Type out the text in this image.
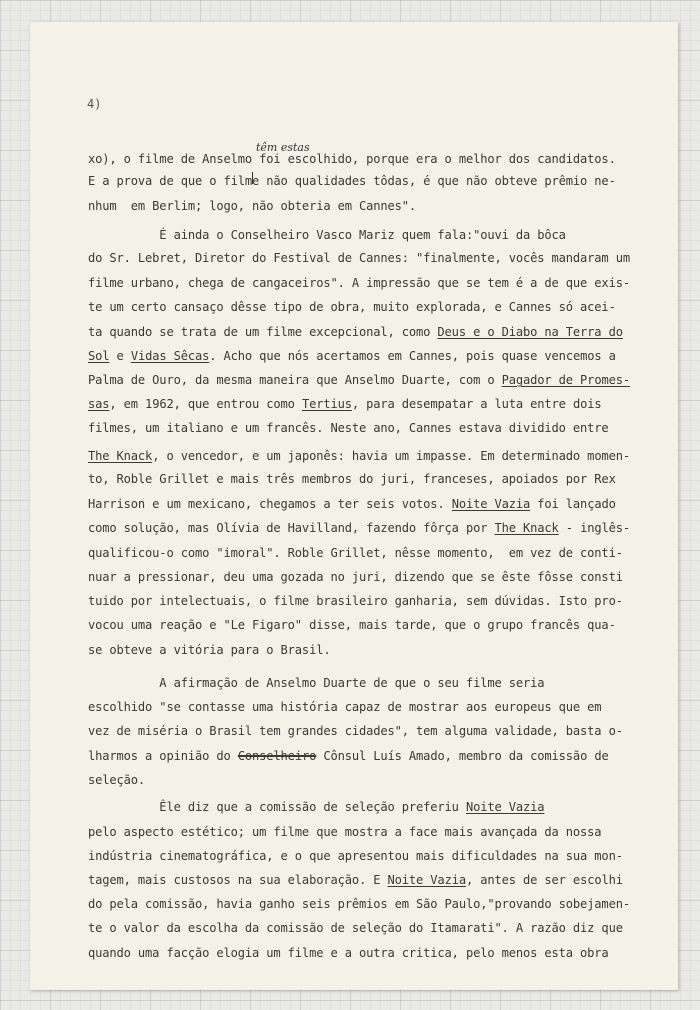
4)
têm estas
xo), o filme de Anselmo foi escolhido, porque era o melhor dos candidatos.
E a prova de que o filme não qualidades tôdas, é que não obteve prêmio ne-
nhum  em Berlim; logo, não obteria em Cannes".
É ainda o Conselheiro Vasco Mariz quem fala:"ouvi da bôca
do Sr. Lebret, Diretor do Festival de Cannes: "finalmente, vocês mandaram um
filme urbano, chega de cangaceiros". A impressão que se tem é a de que exis-
te um certo cansaço dêsse tipo de obra, muito explorada, e Cannes só acei-
ta quando se trata de um filme excepcional, como Deus e o Diabo na Terra do
Sol e Vidas Sêcas. Acho que nós acertamos em Cannes, pois quase vencemos a
Palma de Ouro, da mesma maneira que Anselmo Duarte, com o Pagador de Promes-
sas, em 1962, que entrou como Tertius, para desempatar a luta entre dois
filmes, um italiano e um francês. Neste ano, Cannes estava dividido entre
The Knack, o vencedor, e um japonês: havia um impasse. Em determinado momen-
to, Roble Grillet e mais três membros do juri, franceses, apoiados por Rex
Harrison e um mexicano, chegamos a ter seis votos. Noite Vazia foi lançado
como solução, mas Olívia de Havilland, fazendo fôrça por The Knack - inglês-
qualificou-o como "imoral". Roble Grillet, nêsse momento,  em vez de conti-
nuar a pressionar, deu uma gozada no juri, dizendo que se êste fôsse consti
tuido por intelectuais, o filme brasileiro ganharia, sem dúvidas. Isto pro-
vocou uma reação e "Le Figaro" disse, mais tarde, que o grupo francês qua-
se obteve a vitória para o Brasil.
A afirmação de Anselmo Duarte de que o seu filme seria
escolhido "se contasse uma história capaz de mostrar aos europeus que em
vez de miséria o Brasil tem grandes cidades", tem alguma validade, basta o-
lharmos a opinião do Conselheiro Cônsul Luís Amado, membro da comissão de
seleção.
Êle diz que a comissão de seleção preferiu Noite Vazia
pelo aspecto estético; um filme que mostra a face mais avançada da nossa
indústria cinematográfica, e o que apresentou mais dificuldades na sua mon-
tagem, mais custosos na sua elaboração. E Noite Vazia, antes de ser escolhi
do pela comissão, havia ganho seis prêmios em São Paulo,"provando sobejamen-
te o valor da escolha da comissão de seleção do Itamarati". A razão diz que
quando uma facção elogia um filme e a outra critica, pelo menos esta obra
